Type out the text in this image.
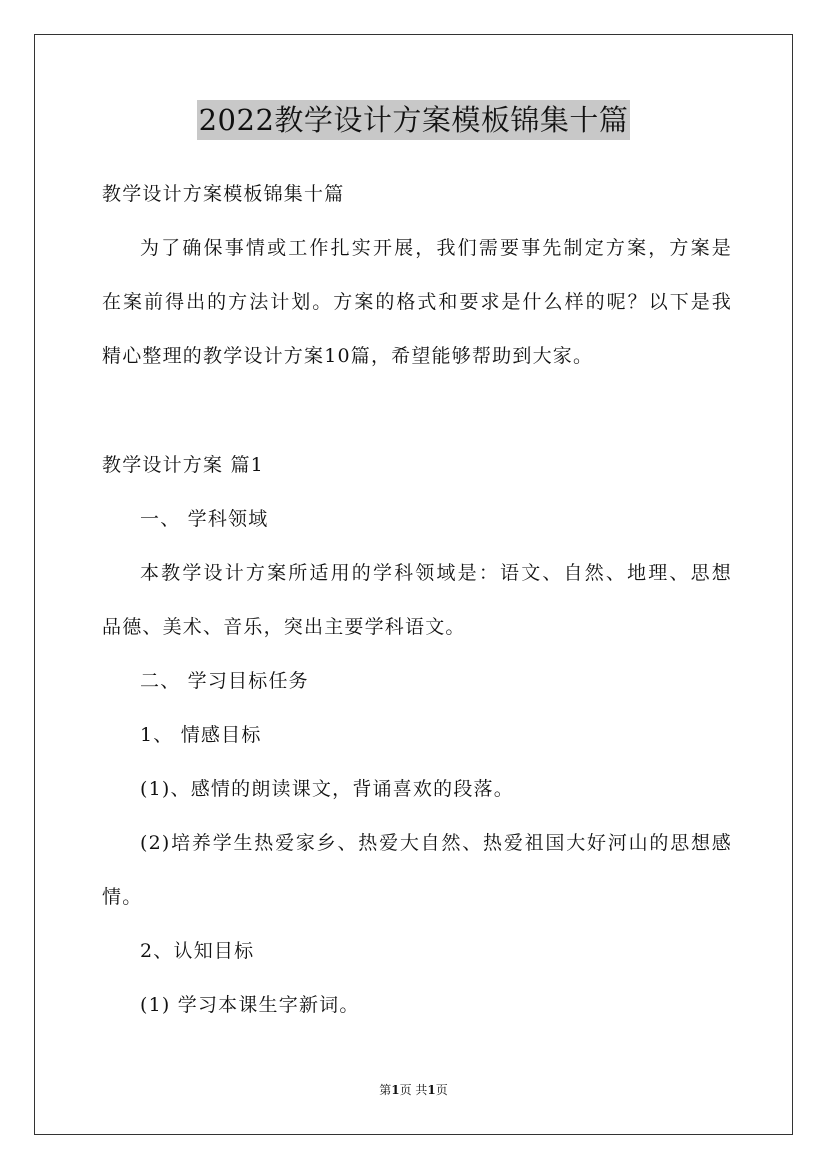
2022教学设计方案模板锦集十篇
教学设计方案模板锦集十篇
为了确保事情或工作扎实开展，我们需要事先制定方案，方案是
在案前得出的方法计划。方案的格式和要求是什么样的呢？以下是我
精心整理的教学设计方案10篇，希望能够帮助到大家。
教学设计方案 篇1
一、 学科领域
本教学设计方案所适用的学科领域是：语文、自然、地理、思想
品德、美术、音乐，突出主要学科语文。
二、 学习目标任务
1、 情感目标
(1)、感情的朗读课文，背诵喜欢的段落。
(2)培养学生热爱家乡、热爱大自然、热爱祖国大好河山的思想感
情。
2、认知目标
(1) 学习本课生字新词。
第1页 共1页
